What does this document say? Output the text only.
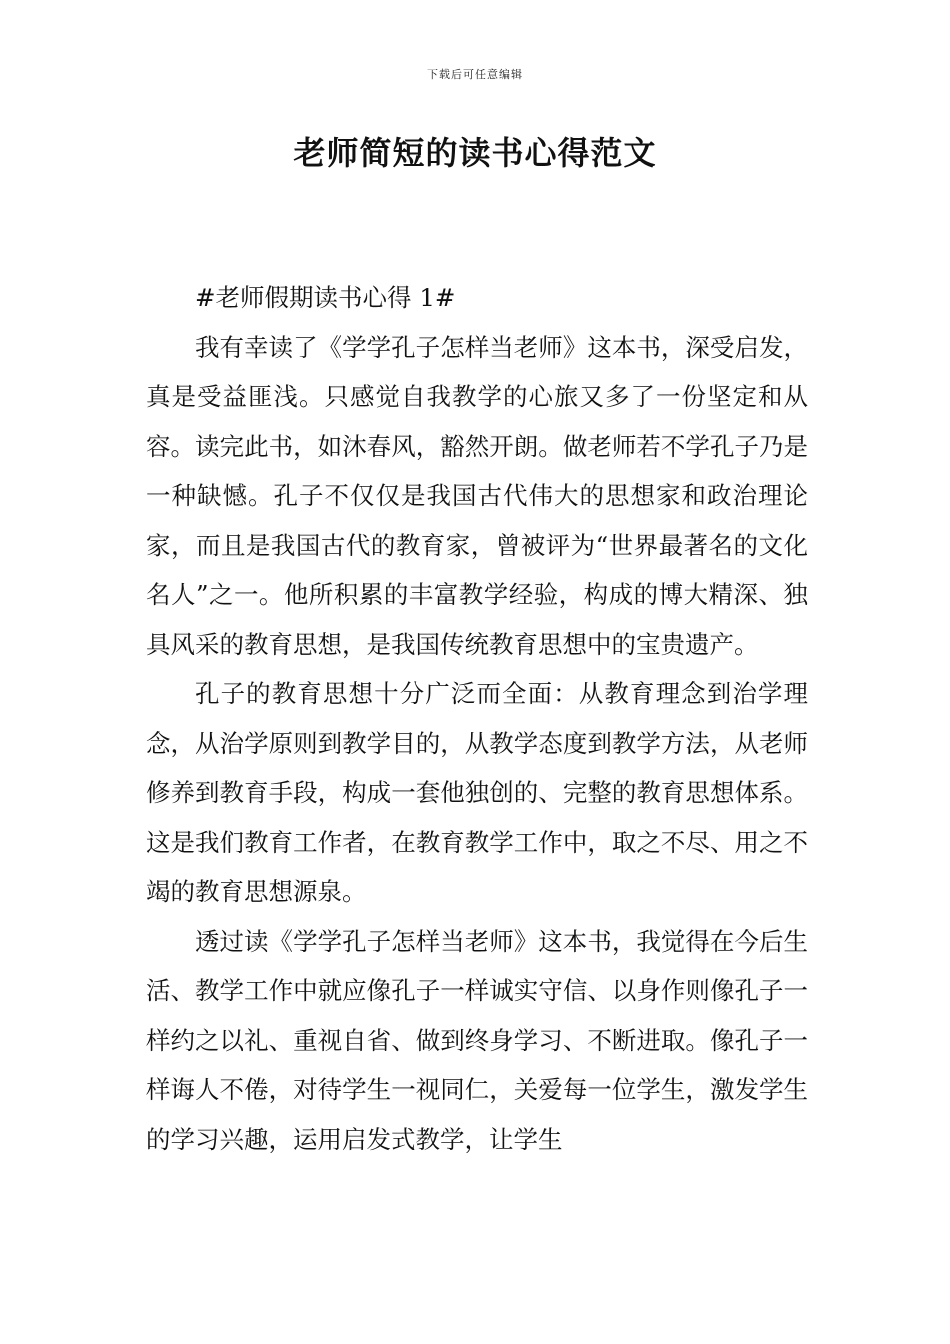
下载后可任意编辑
老师简短的读书心得范文
#老师假期读书心得 1#

我有幸读了《学学孔子怎样当老师》这本书，深受启发，真是受益匪浅。只感觉自我教学的心旅又多了一份坚定和从容。读完此书，如沐春风，豁然开朗。做老师若不学孔子乃是一种缺憾。孔子不仅仅是我国古代伟大的思想家和政治理论家，而且是我国古代的教育家，曾被评为“世界最著名的文化名人”之一。他所积累的丰富教学经验，构成的博大精深、独具风采的教育思想，是我国传统教育思想中的宝贵遗产。

孔子的教育思想十分广泛而全面：从教育理念到治学理念，从治学原则到教学目的，从教学态度到教学方法，从老师修养到教育手段，构成一套他独创的、完整的教育思想体系。这是我们教育工作者，在教育教学工作中，取之不尽、用之不竭的教育思想源泉。

透过读《学学孔子怎样当老师》这本书，我觉得在今后生活、教学工作中就应像孔子一样诚实守信、以身作则像孔子一样约之以礼、重视自省、做到终身学习、不断进取。像孔子一样诲人不倦，对待学生一视同仁，关爱每一位学生，激发学生的学习兴趣，运用启发式教学，让学生
